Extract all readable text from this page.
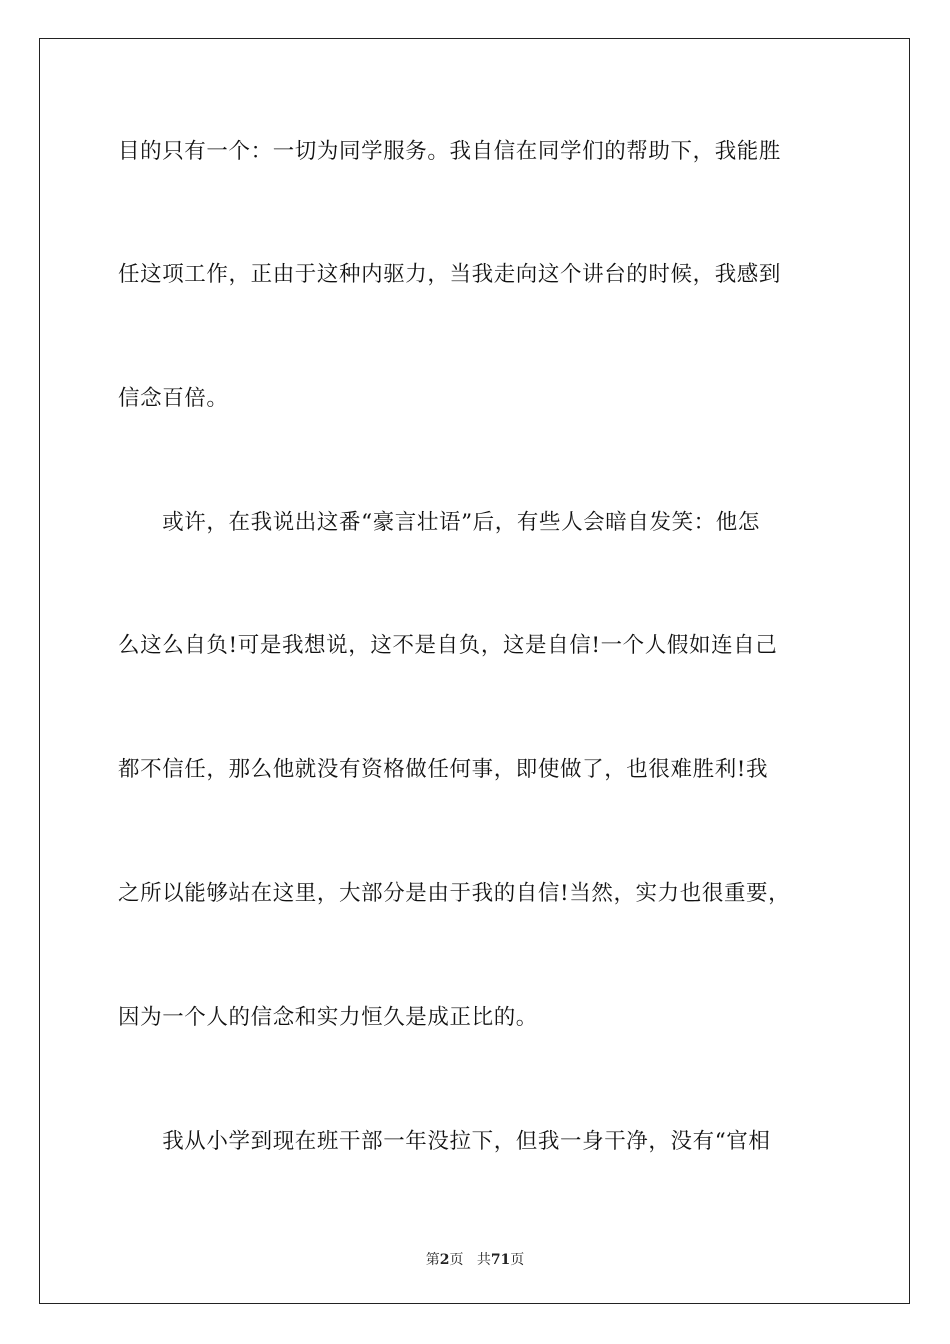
目的只有一个：一切为同学服务。我自信在同学们的帮助下，我能胜
任这项工作，正由于这种内驱力，当我走向这个讲台的时候，我感到
信念百倍。
　　或许，在我说出这番“豪言壮语”后，有些人会暗自发笑：他怎
么这么自负!可是我想说，这不是自负，这是自信!一个人假如连自己
都不信任，那么他就没有资格做任何事，即使做了，也很难胜利!我
之所以能够站在这里，大部分是由于我的自信!当然，实力也很重要，
因为一个人的信念和实力恒久是成正比的。
　　我从小学到现在班干部一年没拉下，但我一身干净，没有“官相
第2页 共71页
